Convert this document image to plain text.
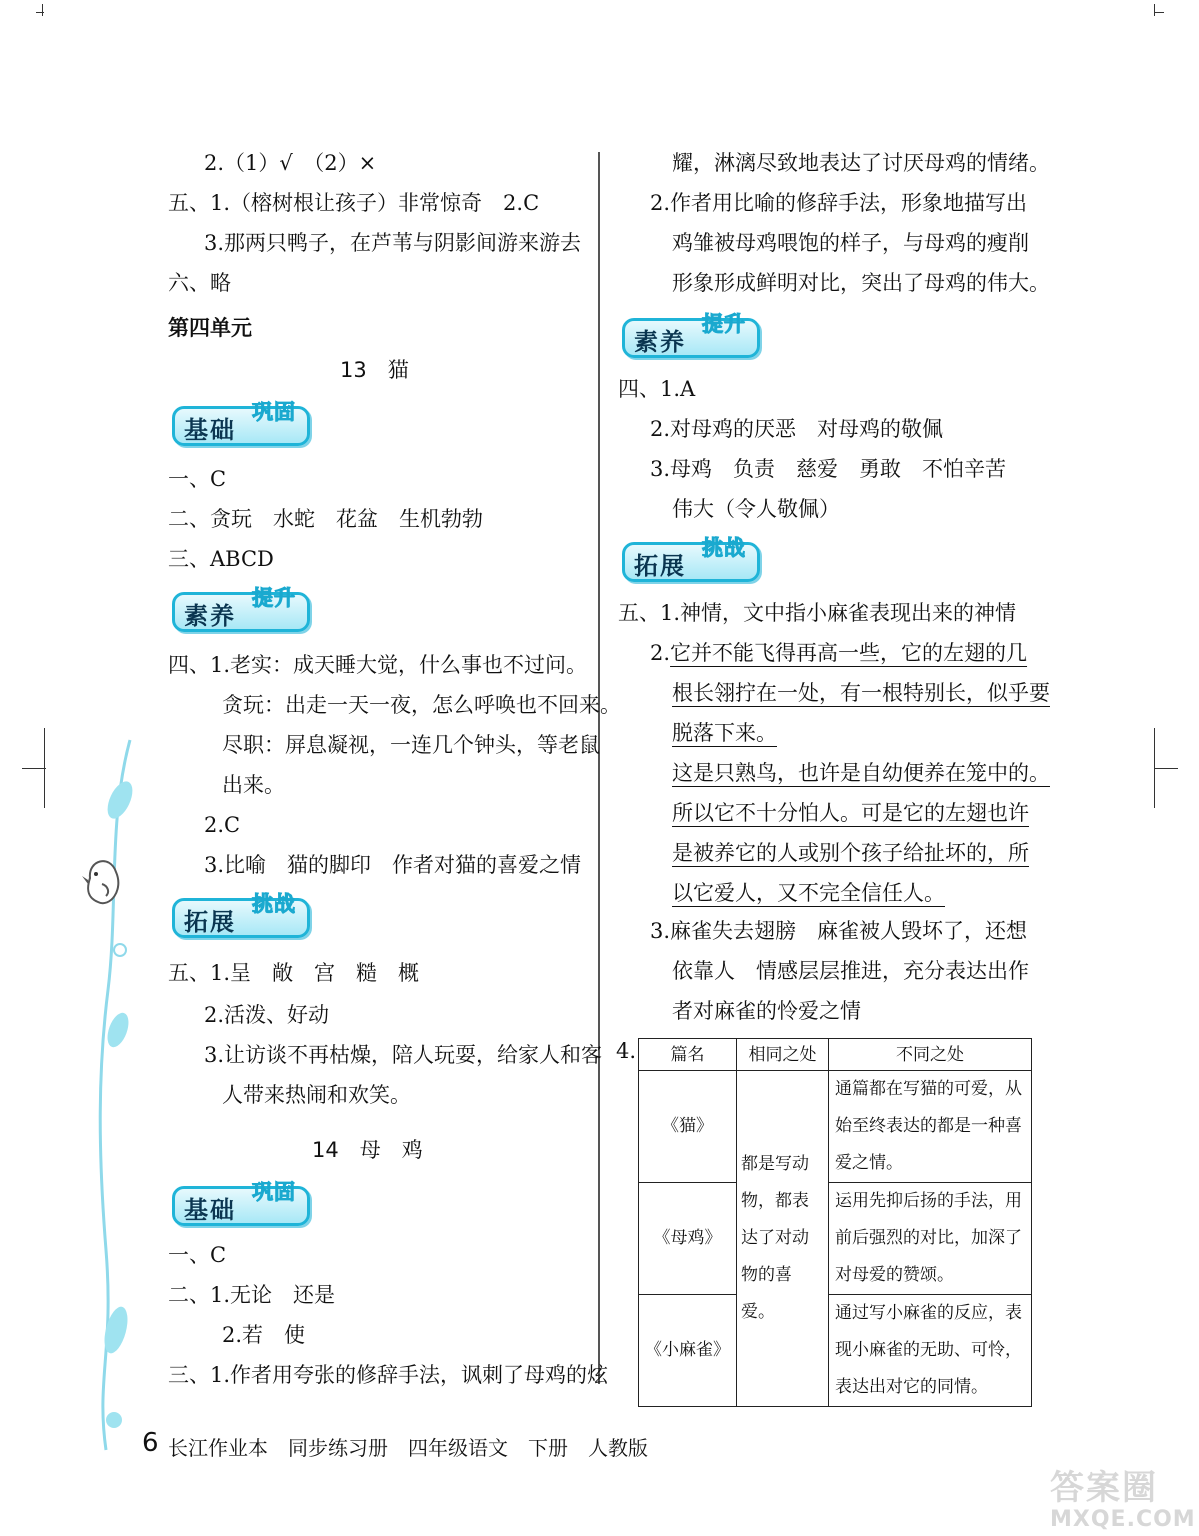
2.（1）√　（2）×
五、1.（榕树根让孩子）非常惊奇　2.C
3.那两只鸭子，在芦苇与阴影间游来游去
六、略
第四单元
13　猫
基础
巩固
一、C
二、贪玩　水蛇　花盆　生机勃勃
三、ABCD
素养
提升
四、1.老实：成天睡大觉，什么事也不过问。
贪玩：出走一天一夜，怎么呼唤也不回来。
尽职：屏息凝视，一连几个钟头，等老鼠
出来。
2.C
3.比喻　猫的脚印　作者对猫的喜爱之情
拓展
挑战
五、1.呈　敞　宫　糙　概
2.活泼、好动
3.让访谈不再枯燥，陪人玩耍，给家人和客
人带来热闹和欢笑。
14　母　鸡
基础
巩固
一、C
二、1.无论　还是
2.若　使
三、1.作者用夸张的修辞手法，讽刺了母鸡的炫
耀，淋漓尽致地表达了讨厌母鸡的情绪。
2.作者用比喻的修辞手法，形象地描写出
鸡雏被母鸡喂饱的样子，与母鸡的瘦削
形象形成鲜明对比，突出了母鸡的伟大。
素养
提升
四、1.A
2.对母鸡的厌恶　对母鸡的敬佩
3.母鸡　负责　慈爱　勇敢　不怕辛苦
伟大（令人敬佩）
拓展
挑战
五、1.神情，文中指小麻雀表现出来的神情
2.它并不能飞得再高一些，它的左翅的几
根长翎拧在一处，有一根特别长，似乎要
脱落下来。
这是只熟鸟，也许是自幼便养在笼中的。
所以它不十分怕人。可是它的左翅也许
是被养它的人或别个孩子给扯坏的，所
以它爱人，又不完全信任人。
3.麻雀失去翅膀　麻雀被人毁坏了，还想
依靠人　情感层层推进，充分表达出作
者对麻雀的怜爱之情
4. 篇名	相同之处	不同之处
《猫》	都是写动物，都表达了对动物的喜爱。	通篇都在写猫的可爱，从始至终表达的都是一种喜爱之情。
《母鸡》		运用先抑后扬的手法，用前后强烈的对比，加深了对母爱的赞颂。
《小麻雀》		通过写小麻雀的反应，表现小麻雀的无助、可怜，表达出对它的同情。
6 长江作业本　同步练习册　四年级语文　下册　人教版
答案圈
MXQE.COM
